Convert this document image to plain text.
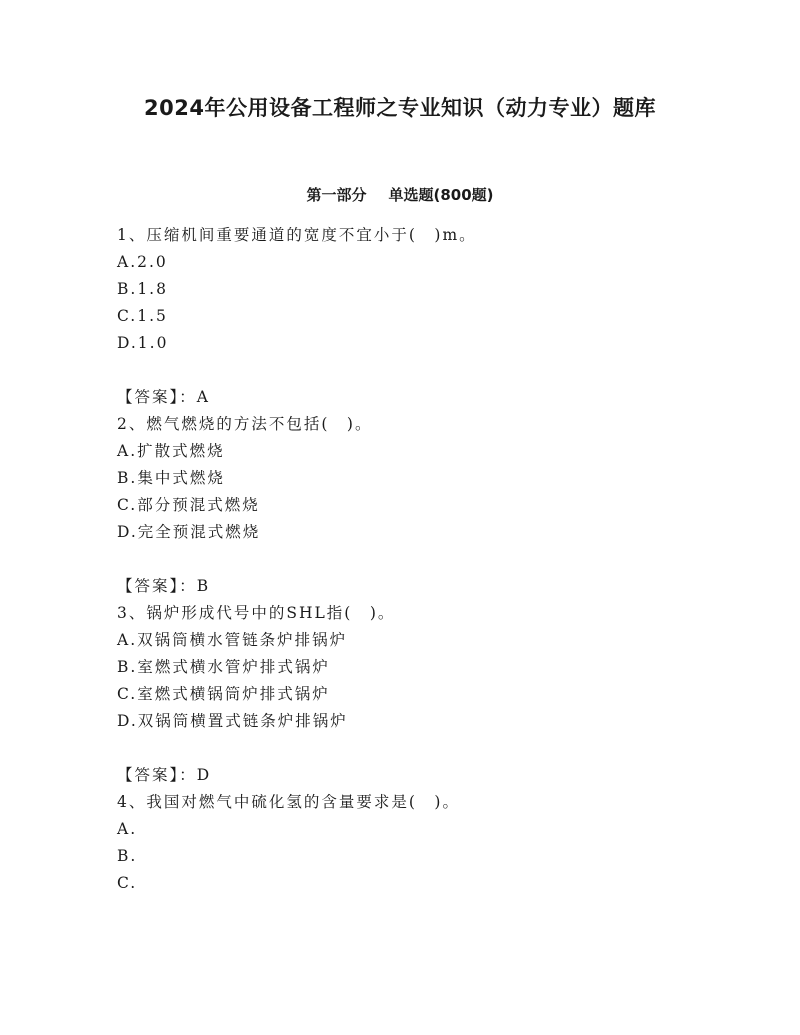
2024年公用设备工程师之专业知识（动力专业）题库
第一部分 单选题(800题)
1、压缩机间重要通道的宽度不宜小于(　)m。
A.2.0
B.1.8
C.1.5
D.1.0
【答案】：A
2、燃气燃烧的方法不包括(　)。
A.扩散式燃烧
B.集中式燃烧
C.部分预混式燃烧
D.完全预混式燃烧
【答案】：B
3、锅炉形成代号中的SHL指(　)。
A.双锅筒横水管链条炉排锅炉
B.室燃式横水管炉排式锅炉
C.室燃式横锅筒炉排式锅炉
D.双锅筒横置式链条炉排锅炉
【答案】：D
4、我国对燃气中硫化氢的含量要求是(　)。
A.
B.
C.
